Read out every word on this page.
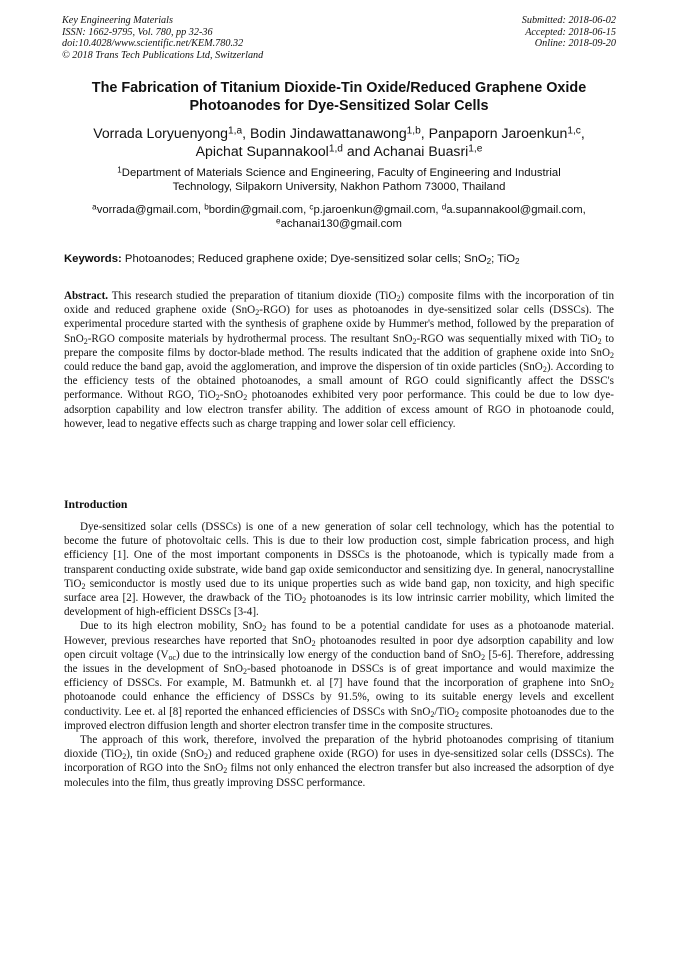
Key Engineering Materials
ISSN: 1662-9795, Vol. 780, pp 32-36
doi:10.4028/www.scientific.net/KEM.780.32
© 2018 Trans Tech Publications Ltd, Switzerland
Submitted: 2018-06-02
Accepted: 2018-06-15
Online: 2018-09-20
The Fabrication of Titanium Dioxide-Tin Oxide/Reduced Graphene Oxide
Photoanodes for Dye-Sensitized Solar Cells
Vorrada Loryuenyong$^{1,a}$, Bodin Jindawattanawong$^{1,b}$, Panpaporn Jaroenkun$^{1,c}$,
Apichat Supannakool$^{1,d}$ and Achanai Buasri$^{1,e}$
$^1$Department of Materials Science and Engineering, Faculty of Engineering and Industrial
Technology, Silpakorn University, Nakhon Pathom 73000, Thailand
$^a$vorrada@gmail.com, $^b$bordin@gmail.com, $^c$p.jaroenkun@gmail.com, $^d$a.supannakool@gmail.com,
$^e$achanai130@gmail.com
Keywords: Photoanodes; Reduced graphene oxide; Dye-sensitized solar cells; SnO$_2$; TiO$_2$
Abstract. This research studied the preparation of titanium dioxide (TiO$_2$) composite films with the incorporation of tin oxide and reduced graphene oxide (SnO$_2$-RGO) for uses as photoanodes in dye-sensitized solar cells (DSSCs). The experimental procedure started with the synthesis of graphene oxide by Hummer's method, followed by the preparation of SnO$_2$-RGO composite materials by hydrothermal process. The resultant SnO$_2$-RGO was sequentially mixed with TiO$_2$ to prepare the composite films by doctor-blade method. The results indicated that the addition of graphene oxide into SnO$_2$ could reduce the band gap, avoid the agglomeration, and improve the dispersion of tin oxide particles (SnO$_2$). According to the efficiency tests of the obtained photoanodes, a small amount of RGO could significantly affect the DSSC's performance. Without RGO, TiO$_2$-SnO$_2$ photoanodes exhibited very poor performance. This could be due to low dye-adsorption capability and low electron transfer ability. The addition of excess amount of RGO in photoanode could, however, lead to negative effects such as charge trapping and lower solar cell efficiency.
Introduction

Dye-sensitized solar cells (DSSCs) is one of a new generation of solar cell technology, which has the potential to become the future of photovoltaic cells. This is due to their low production cost, simple fabrication process, and high efficiency [1]. One of the most important components in DSSCs is the photoanode, which is typically made from a transparent conducting oxide substrate, wide band gap oxide semiconductor and sensitizing dye. In general, nanocrystalline TiO$_2$ semiconductor is mostly used due to its unique properties such as wide band gap, non toxicity, and high specific surface area [2]. However, the drawback of the TiO$_2$ photoanodes is its low intrinsic carrier mobility, which limited the development of high-efficient DSSCs [3-4].

Due to its high electron mobility, SnO$_2$ has found to be a potential candidate for uses as a photoanode material. However, previous researches have reported that SnO$_2$ photoanodes resulted in poor dye adsorption capability and low open circuit voltage $(V_{oc})$ due to the intrinsically low energy of the conduction band of SnO$_2$ [5-6]. Therefore, addressing the issues in the development of SnO$_2$-based photoanode in DSSCs is of great importance and would maximize the efficiency of DSSCs. For example, M. Batmunkh et. al [7] have found that the incorporation of graphene into SnO$_2$ photoanode could enhance the efficiency of DSSCs by 91.5%, owing to its suitable energy levels and excellent conductivity. Lee et. al [8] reported the enhanced efficiencies of DSSCs with SnO$_2$/TiO$_2$ composite photoanodes due to the improved electron diffusion length and shorter electron transfer time in the composite structures.

The approach of this work, therefore, involved the preparation of the hybrid photoanodes comprising of titanium dioxide (TiO$_2$), tin oxide (SnO$_2$) and reduced graphene oxide (RGO) for uses in dye-sensitized solar cells (DSSCs). The incorporation of RGO into the SnO$_2$ films not only enhanced the electron transfer but also increased the adsorption of dye molecules into the film, thus greatly improving DSSC performance.
